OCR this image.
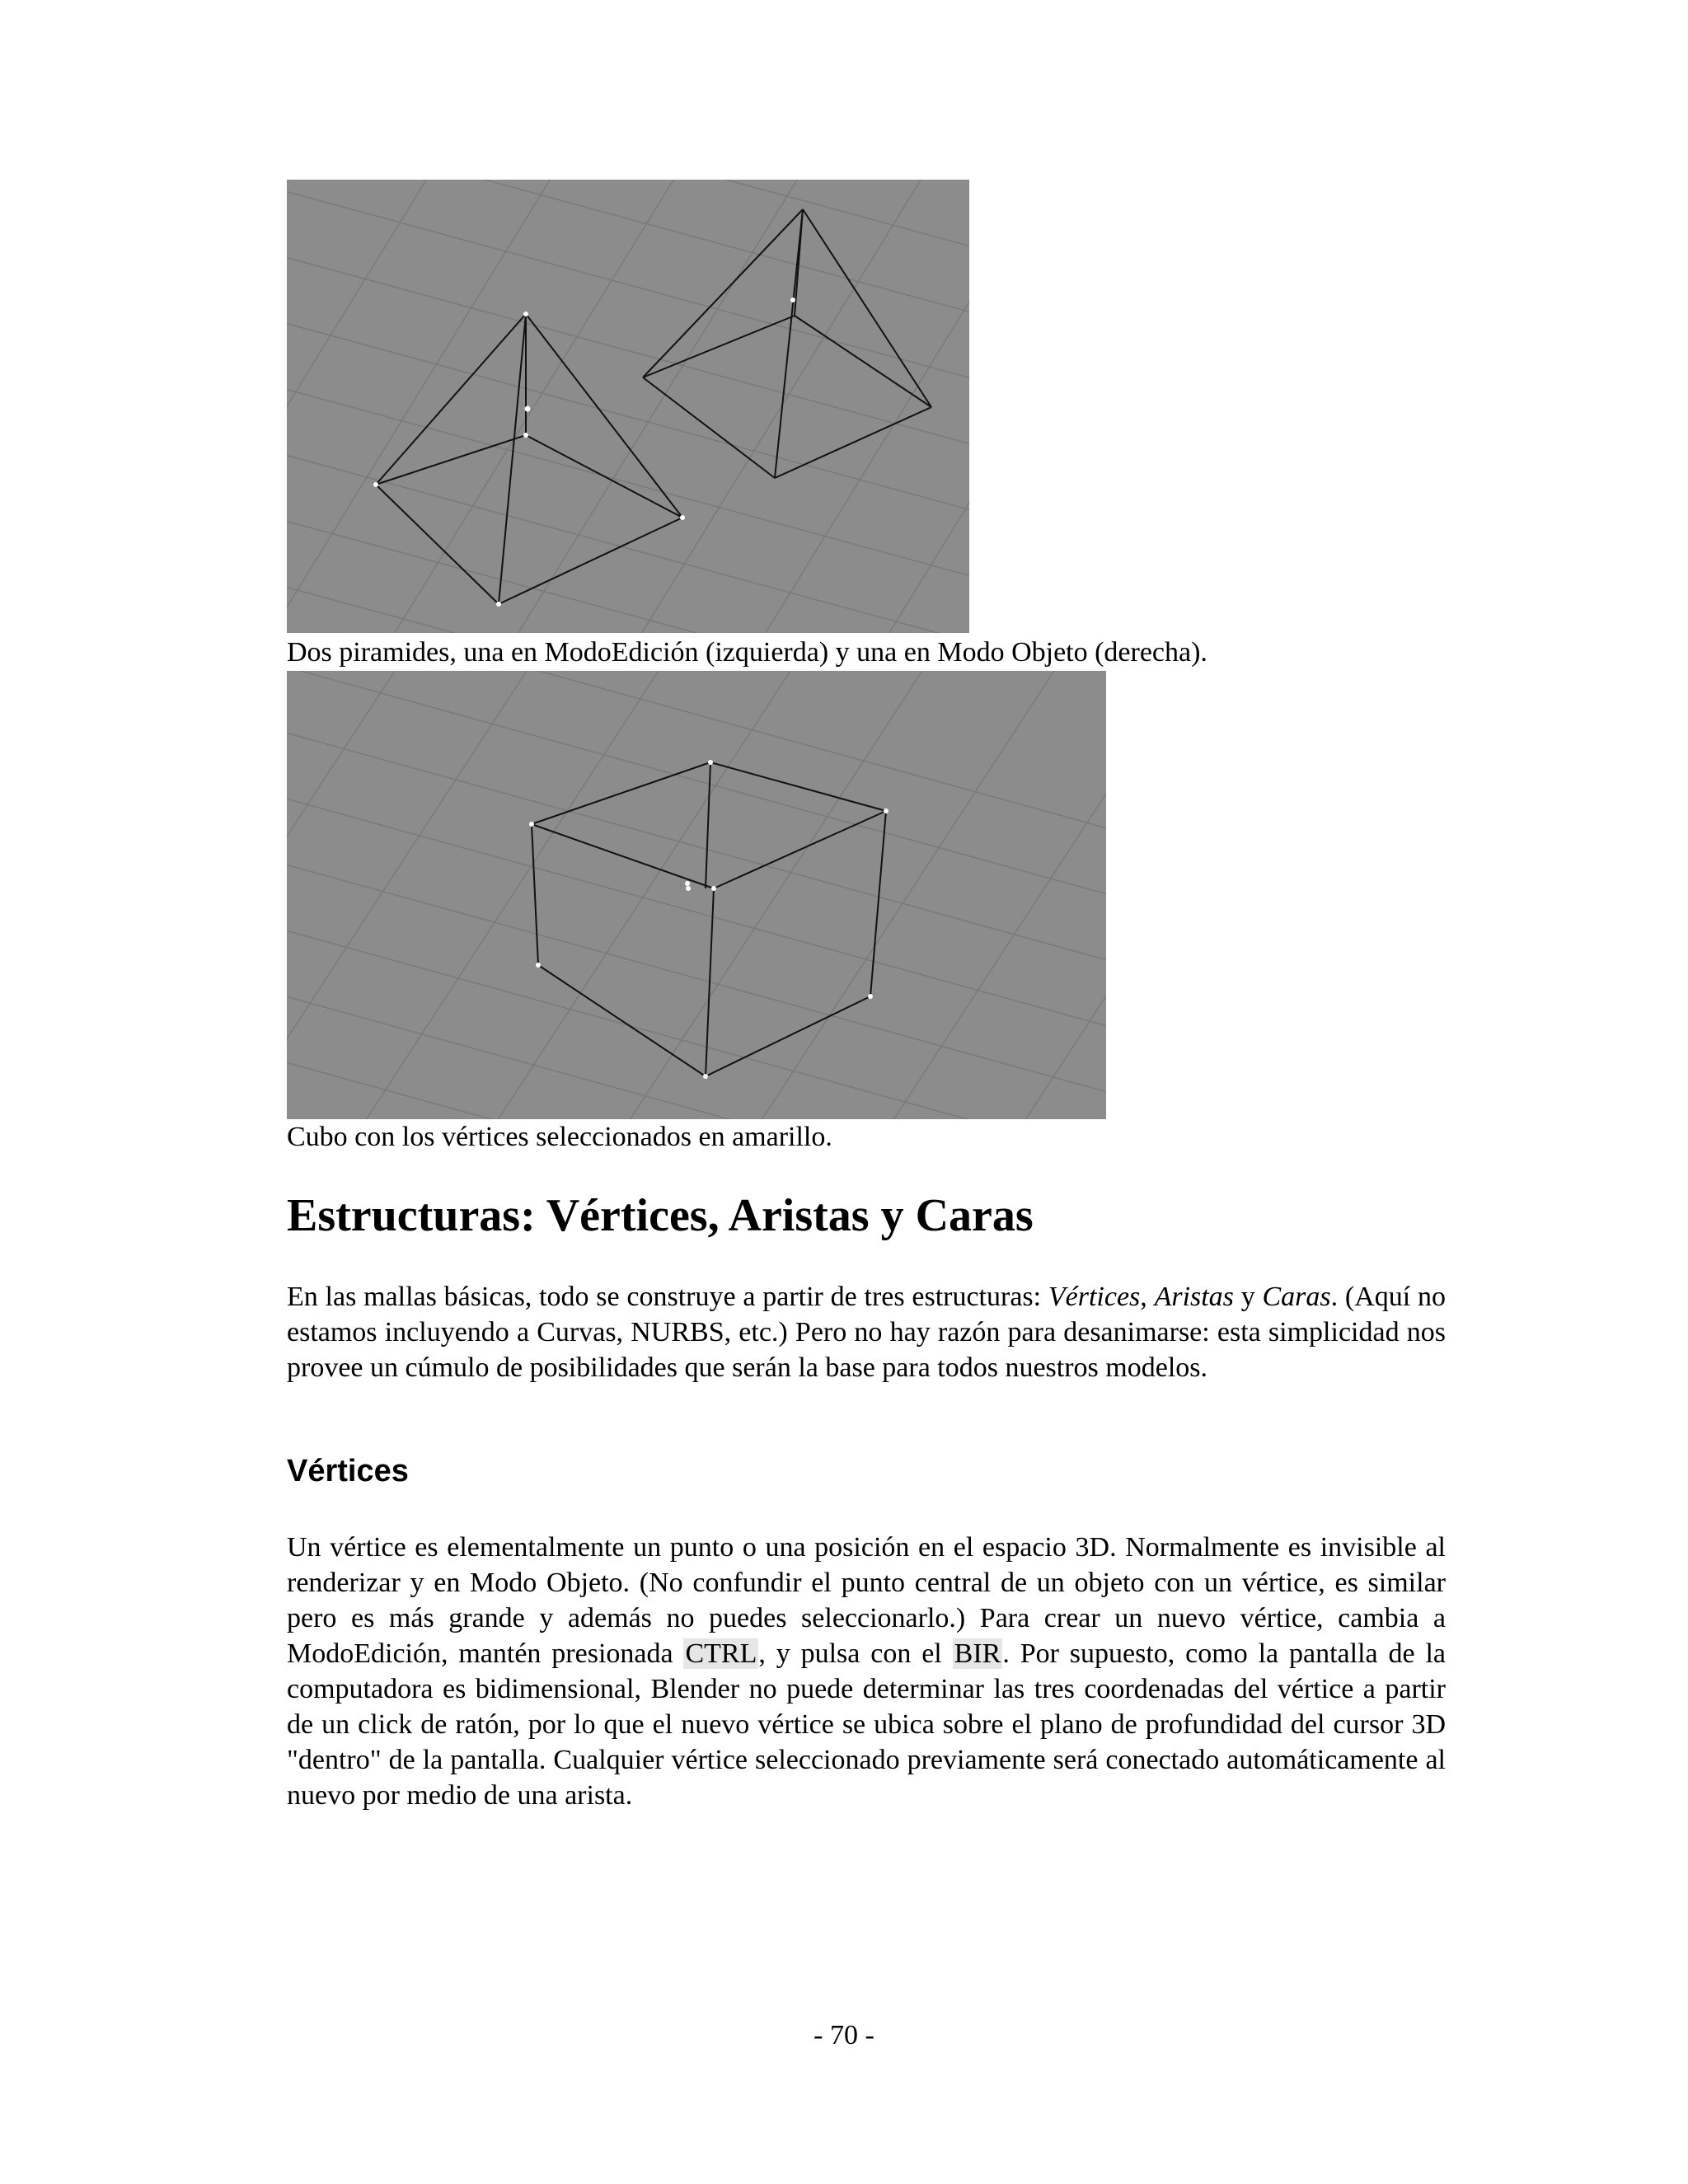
Dos piramides, una en ModoEdición (izquierda) y una en Modo Objeto (derecha).

Cubo con los vértices seleccionados en amarillo.

Estructuras: Vértices, Aristas y Caras

En las mallas básicas, todo se construye a partir de tres estructuras: Vértices, Aristas y Caras. (Aquí no estamos incluyendo a Curvas, NURBS, etc.) Pero no hay razón para desanimarse: esta simplicidad nos provee un cúmulo de posibilidades que serán la base para todos nuestros modelos.

Vértices

Un vértice es elementalmente un punto o una posición en el espacio 3D. Normalmente es invisible al renderizar y en Modo Objeto. (No confundir el punto central de un objeto con un vértice, es similar pero es más grande y además no puedes seleccionarlo.) Para crear un nuevo vértice, cambia a ModoEdición, mantén presionada CTRL, y pulsa con el BIR. Por supuesto, como la pantalla de la computadora es bidimensional, Blender no puede determinar las tres coordenadas del vértice a partir de un click de ratón, por lo que el nuevo vértice se ubica sobre el plano de profundidad del cursor 3D "dentro" de la pantalla. Cualquier vértice seleccionado previamente será conectado automáticamente al nuevo por medio de una arista.

- 70 -
